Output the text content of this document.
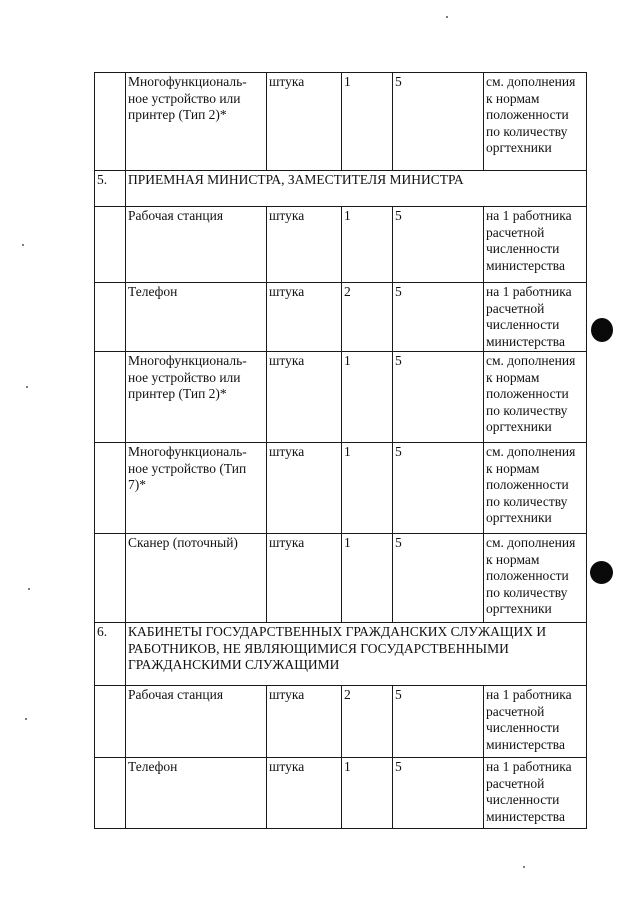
	Многофункциональ-ное устройство или принтер (Тип 2)*	штука	1	5	см. дополнения к нормам положенности по количеству оргтехники
5.	ПРИЕМНАЯ МИНИСТРА, ЗАМЕСТИТЕЛЯ МИНИСТРА				
	Рабочая станция	штука	1	5	на 1 работника расчетной численности министерства
	Телефон	штука	2	5	на 1 работника расчетной численности министерства
	Многофункциональ-ное устройство или принтер (Тип 2)*	штука	1	5	см. дополнения к нормам положенности по количеству оргтехники
	Многофункциональ-ное устройство (Тип 7)*	штука	1	5	см. дополнения к нормам положенности по количеству оргтехники
	Сканер (поточный)	штука	1	5	см. дополнения к нормам положенности по количеству оргтехники
6.	КАБИНЕТЫ ГОСУДАРСТВЕННЫХ ГРАЖДАНСКИХ СЛУЖАЩИХ И РАБОТНИКОВ, НЕ ЯВЛЯЮЩИМИСЯ ГОСУДАРСТВЕННЫМИ ГРАЖДАНСКИМИ СЛУЖАЩИМИ				
	Рабочая станция	штука	2	5	на 1 работника расчетной численности министерства
	Телефон	штука	1	5	на 1 работника расчетной численности министерства
